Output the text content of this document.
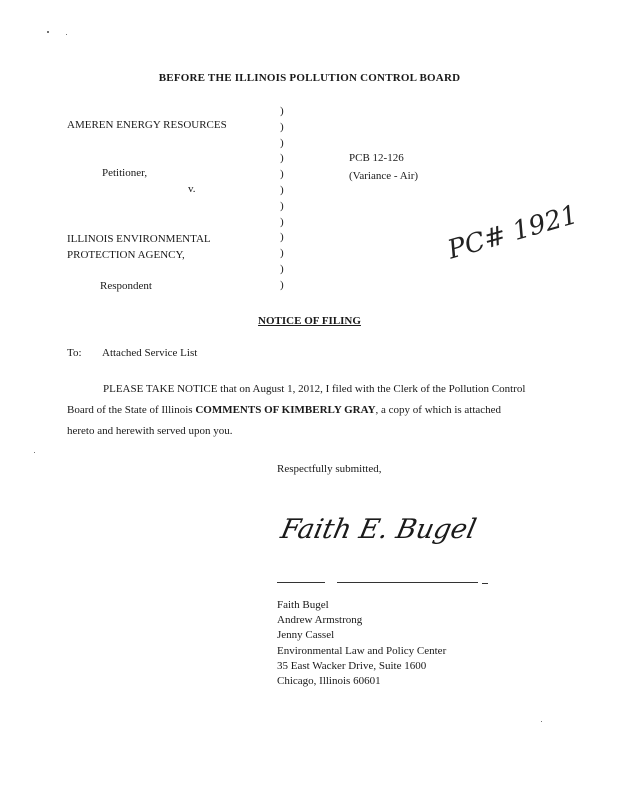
BEFORE THE ILLINOIS POLLUTION CONTROL BOARD
AMEREN ENERGY RESOURCES
Petitioner,
v.
ILLINOIS ENVIRONMENTAL
PROTECTION AGENCY,
Respondent
)
)
)
)
)
)
)
)
)
)
)
)
PCB 12-126
(Variance - Air)
PC# 1921
NOTICE OF FILING
To: Attached Service List
PLEASE TAKE NOTICE that on August 1, 2012, I filed with the Clerk of the Pollution Control Board of the State of Illinois COMMENTS OF KIMBERLY GRAY, a copy of which is attached hereto and herewith served upon you.
Respectfully submitted,
Faith E. Bugel
Faith Bugel
Andrew Armstrong
Jenny Cassel
Environmental Law and Policy Center
35 East Wacker Drive, Suite 1600
Chicago, Illinois 60601
